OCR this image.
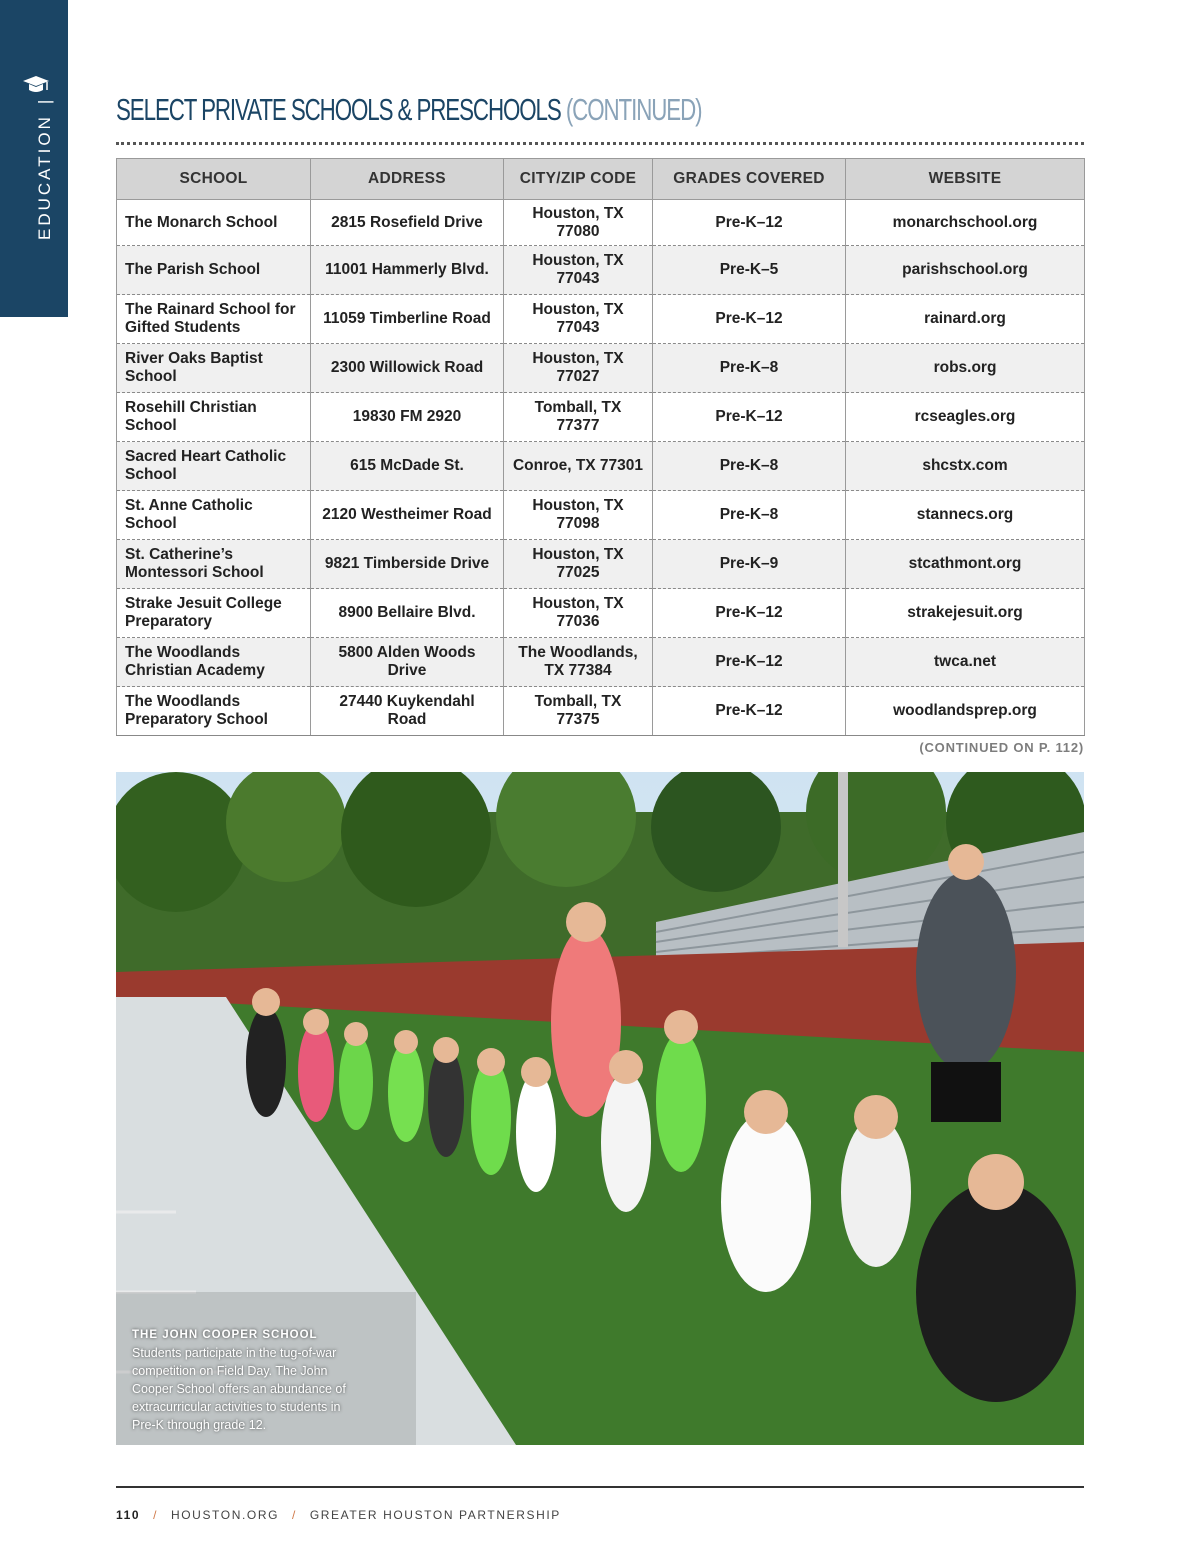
EDUCATION| SELECT PRIVATE SCHOOLS & PRESCHOOLS (CONTINUED)
SCHOOL	ADDRESS	CITY/ZIP CODE	GRADES COVERED	WEBSITE
The Monarch School	2815 Rosefield Drive	Houston, TX 77080	Pre-K–12	monarchschool.org
The Parish School	11001 Hammerly Blvd.	Houston, TX 77043	Pre-K–5	parishschool.org
The Rainard School for Gifted Students	11059 Timberline Road	Houston, TX 77043	Pre-K–12	rainard.org
River Oaks Baptist School	2300 Willowick Road	Houston, TX 77027	Pre-K–8	robs.org
Rosehill Christian School	19830 FM 2920	Tomball, TX 77377	Pre-K–12	rcseagles.org
Sacred Heart Catholic School	615 McDade St.	Conroe, TX 77301	Pre-K–8	shcstx.com
St. Anne Catholic School	2120 Westheimer Road	Houston, TX 77098	Pre-K–8	stannecs.org
St. Catherine’s Montessori School	9821 Timberside Drive	Houston, TX 77025	Pre-K–9	stcathmont.org
Strake Jesuit College Preparatory	8900 Bellaire Blvd.	Houston, TX 77036	Pre-K–12	strakejesuit.org
The Woodlands Christian Academy	5800 Alden Woods Drive	The Woodlands, TX 77384	Pre-K–12	twca.net
The Woodlands Preparatory School	27440 Kuykendahl Road	Tomball, TX 77375	Pre-K–12	woodlandsprep.org
(CONTINUED ON P. 112)
THE JOHN COOPER SCHOOL
Students participate in the tug-of-war competition on Field Day. The John Cooper School offers an abundance of extracurricular activities to students in Pre-K through grade 12.
110 / HOUSTON.ORG / GREATER HOUSTON PARTNERSHIP
